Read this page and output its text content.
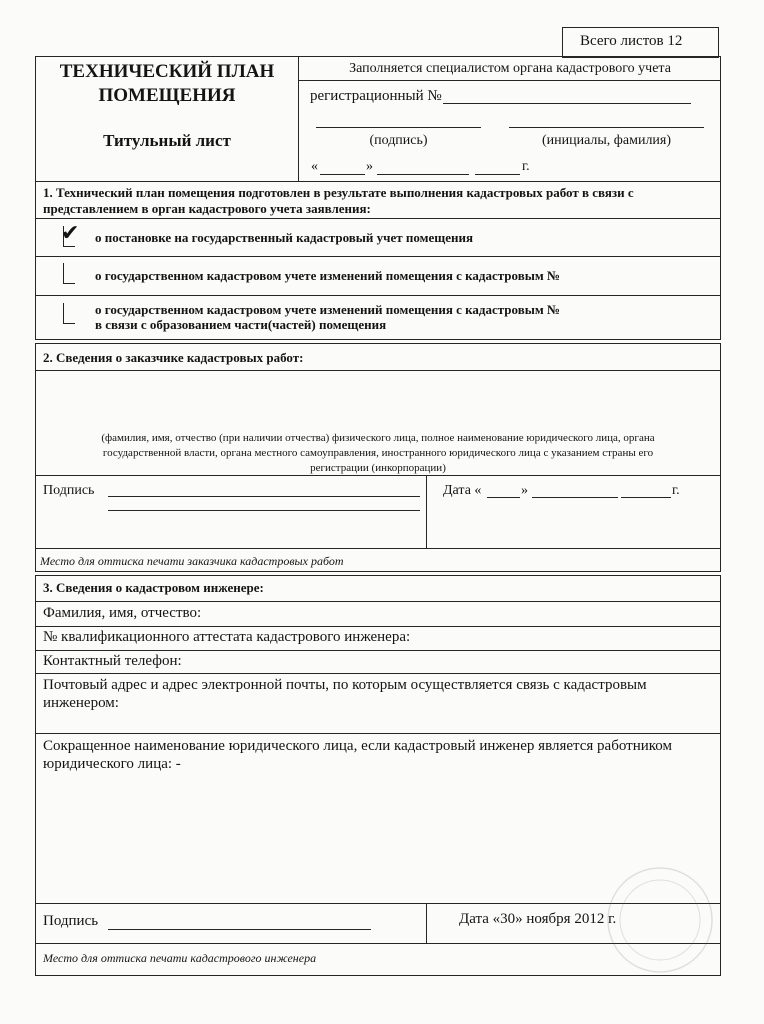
Всего листов 12
ТЕХНИЧЕСКИЙ ПЛАН
ПОМЕЩЕНИЯ
Титульный лист
Заполняется специалистом органа кадастрового учета
регистрационный №
(подпись)	(инициалы, фамилия)
«	»	г.
1. Технический план помещения подготовлен в результате выполнения кадастровых работ в связи с
представлением в орган кадастрового учета заявления:
✔ о постановке на государственный кадастровый учет помещения
о государственном кадастровом учете изменений помещения с кадастровым №
о государственном кадастровом учете изменений помещения с кадастровым №
в связи с образованием части(частей) помещения
2. Сведения о заказчике кадастровых работ:
(фамилия, имя, отчество (при наличии отчества) физического лица, полное наименование юридического лица, органа
государственной власти, органа местного самоуправления, иностранного юридического лица с указанием страны его
регистрации (инкорпорации)
Подпись	Дата «	»	г.
Место для оттиска печати заказчика кадастровых работ
3. Сведения о кадастровом инженере:
Фамилия, имя, отчество:
№ квалификационного аттестата кадастрового инженера:
Контактный телефон:
Почтовый адрес и адрес электронной почты, по которым осуществляется связь с кадастровым
инженером:
Сокращенное наименование юридического лица, если кадастровый инженер является работником
юридического лица: -
Подпись	Дата «30» ноября 2012 г.
Место для оттиска печати кадастрового инженера
